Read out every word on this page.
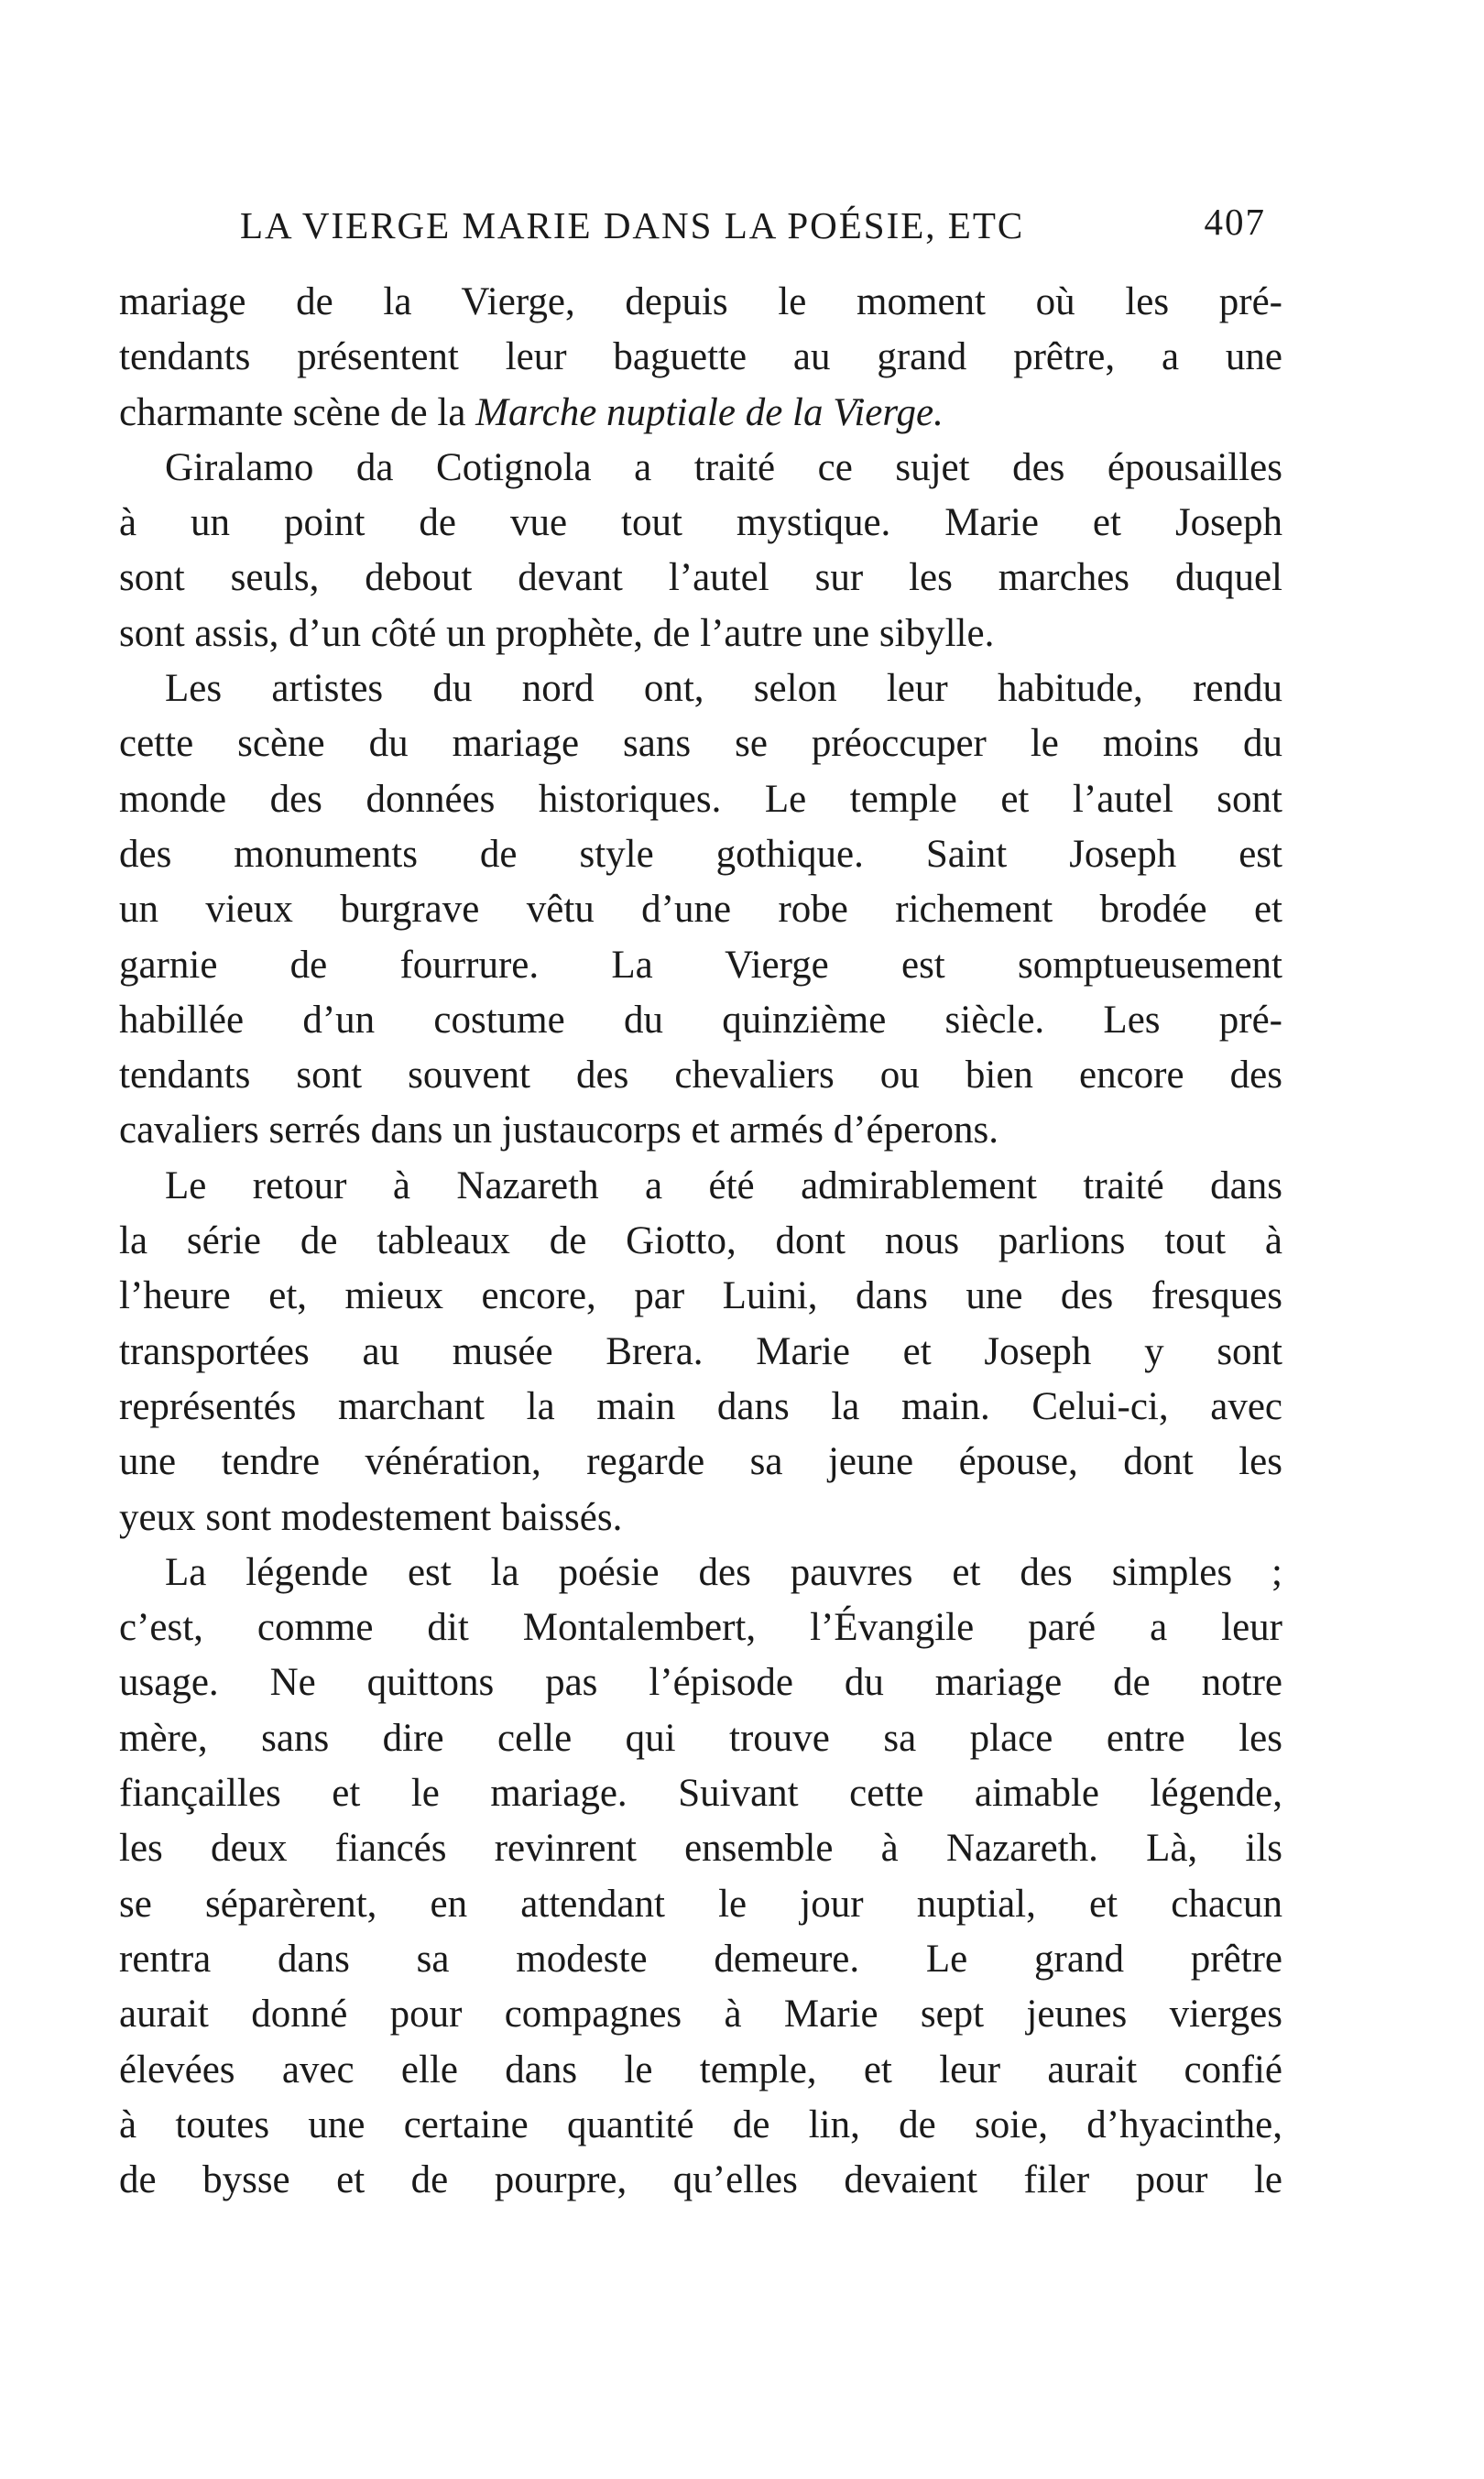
LA VIERGE MARIE DANS LA POÉSIE, ETC	407
mariage de la Vierge, depuis le moment où les pré-
tendants présentent leur baguette au grand prêtre, a une
charmante scène de la Marche nuptiale de la Vierge.
Giralamo da Cotignola a traité ce sujet des épousailles
à un point de vue tout mystique. Marie et Joseph
sont seuls, debout devant l’autel sur les marches duquel
sont assis, d’un côté un prophète, de l’autre une sibylle.
Les artistes du nord ont, selon leur habitude, rendu
cette scène du mariage sans se préoccuper le moins du
monde des données historiques. Le temple et l’autel sont
des monuments de style gothique. Saint Joseph est
un vieux burgrave vêtu d’une robe richement brodée et
garnie de fourrure. La Vierge est somptueusement
habillée d’un costume du quinzième siècle. Les pré-
tendants sont souvent des chevaliers ou bien encore des
cavaliers serrés dans un justaucorps et armés d’éperons.
Le retour à Nazareth a été admirablement traité dans
la série de tableaux de Giotto, dont nous parlions tout à
l’heure et, mieux encore, par Luini, dans une des fresques
transportées au musée Brera. Marie et Joseph y sont
représentés marchant la main dans la main. Celui-ci, avec
une tendre vénération, regarde sa jeune épouse, dont les
yeux sont modestement baissés.
La légende est la poésie des pauvres et des simples ;
c’est, comme dit Montalembert, l’Évangile paré a leur
usage. Ne quittons pas l’épisode du mariage de notre
mère, sans dire celle qui trouve sa place entre les
fiançailles et le mariage. Suivant cette aimable légende,
les deux fiancés revinrent ensemble à Nazareth. Là, ils
se séparèrent, en attendant le jour nuptial, et chacun
rentra dans sa modeste demeure. Le grand prêtre
aurait donné pour compagnes à Marie sept jeunes vierges
élevées avec elle dans le temple, et leur aurait confié
à toutes une certaine quantité de lin, de soie, d’hyacinthe,
de bysse et de pourpre, qu’elles devaient filer pour le
